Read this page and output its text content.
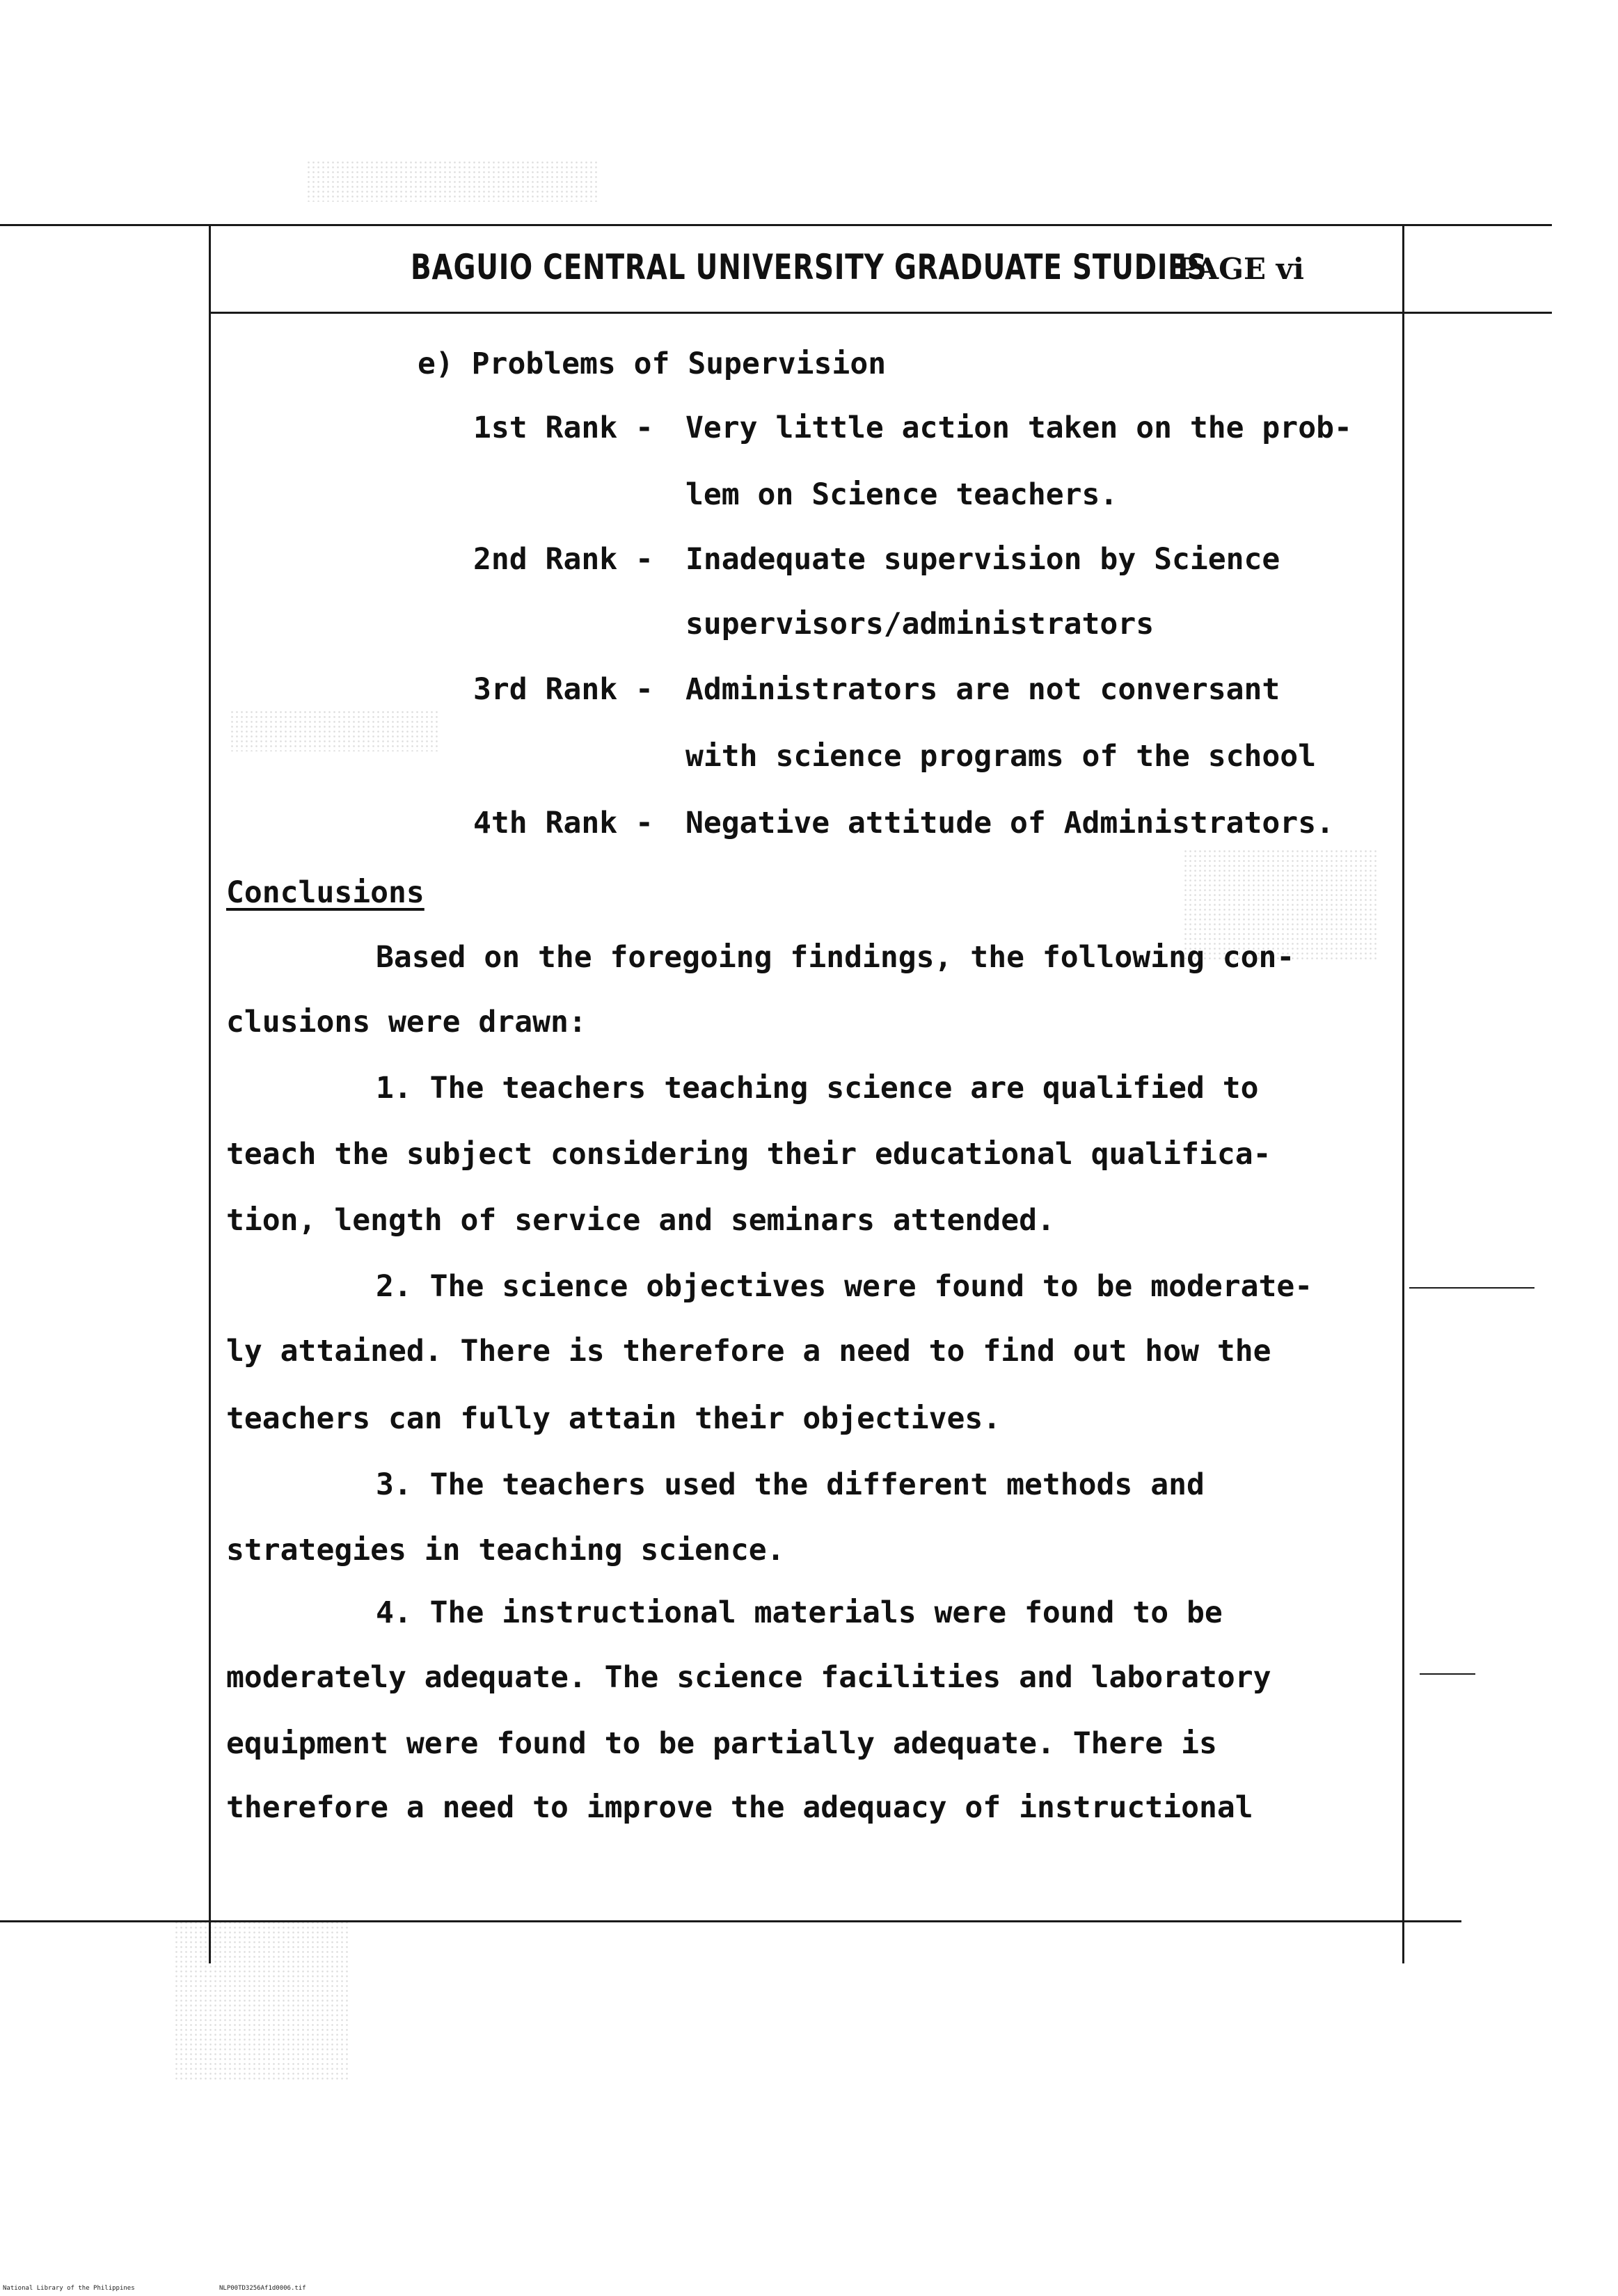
BAGUIO CENTRAL UNIVERSITY GRADUATE STUDIES
PAGE vi
e) Problems of Supervision
1st Rank - Very little action taken on the prob-
lem on Science teachers.
2nd Rank - Inadequate supervision by Science
supervisors/administrators
3rd Rank - Administrators are not conversant
with science programs of the school
4th Rank - Negative attitude of Administrators.
Conclusions
Based on the foregoing findings, the following con-
clusions were drawn:
1. The teachers teaching science are qualified to
teach the subject considering their educational qualifica-
tion, length of service and seminars attended.
2. The science objectives were found to be moderate-
ly attained. There is therefore a need to find out how the
teachers can fully attain their objectives.
3. The teachers used the different methods and
strategies in teaching science.
4. The instructional materials were found to be
moderately adequate. The science facilities and laboratory
equipment were found to be partially adequate. There is
therefore a need to improve the adequacy of instructional
National Library of the Philippines	NLP00TD3256Af1d0006.tif
